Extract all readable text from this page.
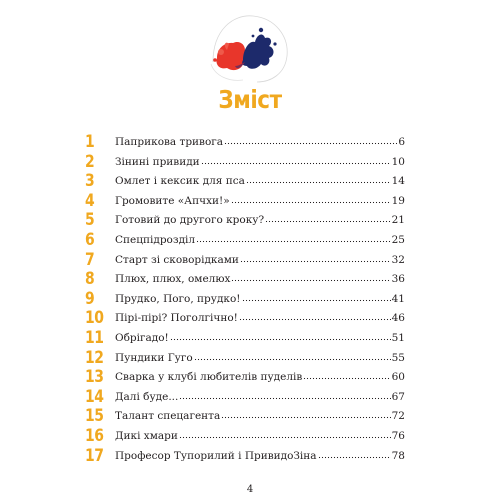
Зміст
1	Паприкова тривога	6
2	Зінині привиди	10
3	Омлет і кексик для пса	14
4	Громовите «Апчхи!»	19
5	Готовий до другого кроку?	21
6	Спецпідрозділ	25
7	Старт зі сковорідками	32
8	Плюх, плюх, омелюх	36
9	Прудко, Пого, прудко!	41
10 Пірі-пірі? Поголгічно!	46
11 Обрігадо!	51
12 Пундики Гуго	55
13 Сварка у клубі любителів пуделів	60
14 Далі буде...	67
15 Талант спецагента	72
16 Дикі хмари	76
17 Професор Тупорилий і ПривидоЗіна	78
4
